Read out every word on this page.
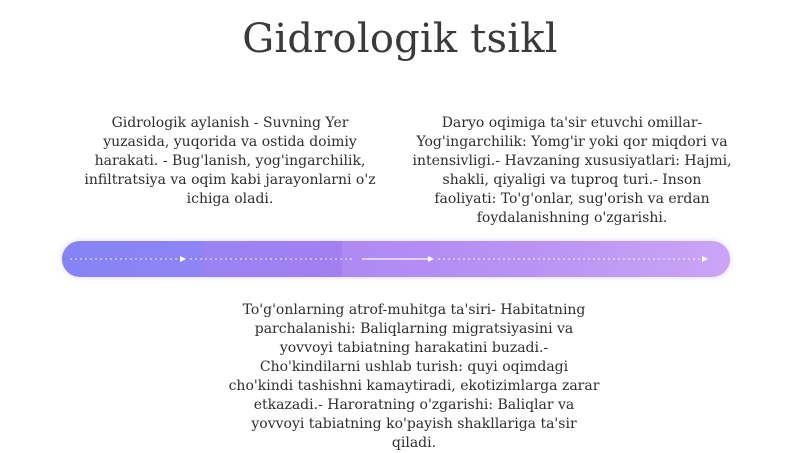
Gidrologik tsikl
Gidrologik aylanish - Suvning Yer yuzasida, yuqorida va ostida doimiy harakati. - Bug'lanish, yog'ingarchilik, infiltratsiya va oqim kabi jarayonlarni o'z ichiga oladi.
Daryo oqimiga ta'sir etuvchi omillar- Yog'ingarchilik: Yomg'ir yoki qor miqdori va intensivligi.- Havzaning xususiyatlari: Hajmi, shakli, qiyaligi va tuproq turi.- Inson faoliyati: To'g'onlar, sug'orish va erdan foydalanishning o'zgarishi.
To'g'onlarning atrof-muhitga ta'siri- Habitatning parchalanishi: Baliqlarning migratsiyasini va yovvoyi tabiatning harakatini buzadi.- Cho'kindilarni ushlab turish: quyi oqimdagi cho'kindi tashishni kamaytiradi, ekotizimlarga zarar etkazadi.- Haroratning o'zgarishi: Baliqlar va yovvoyi tabiatning ko'payish shakllariga ta'sir qiladi.
